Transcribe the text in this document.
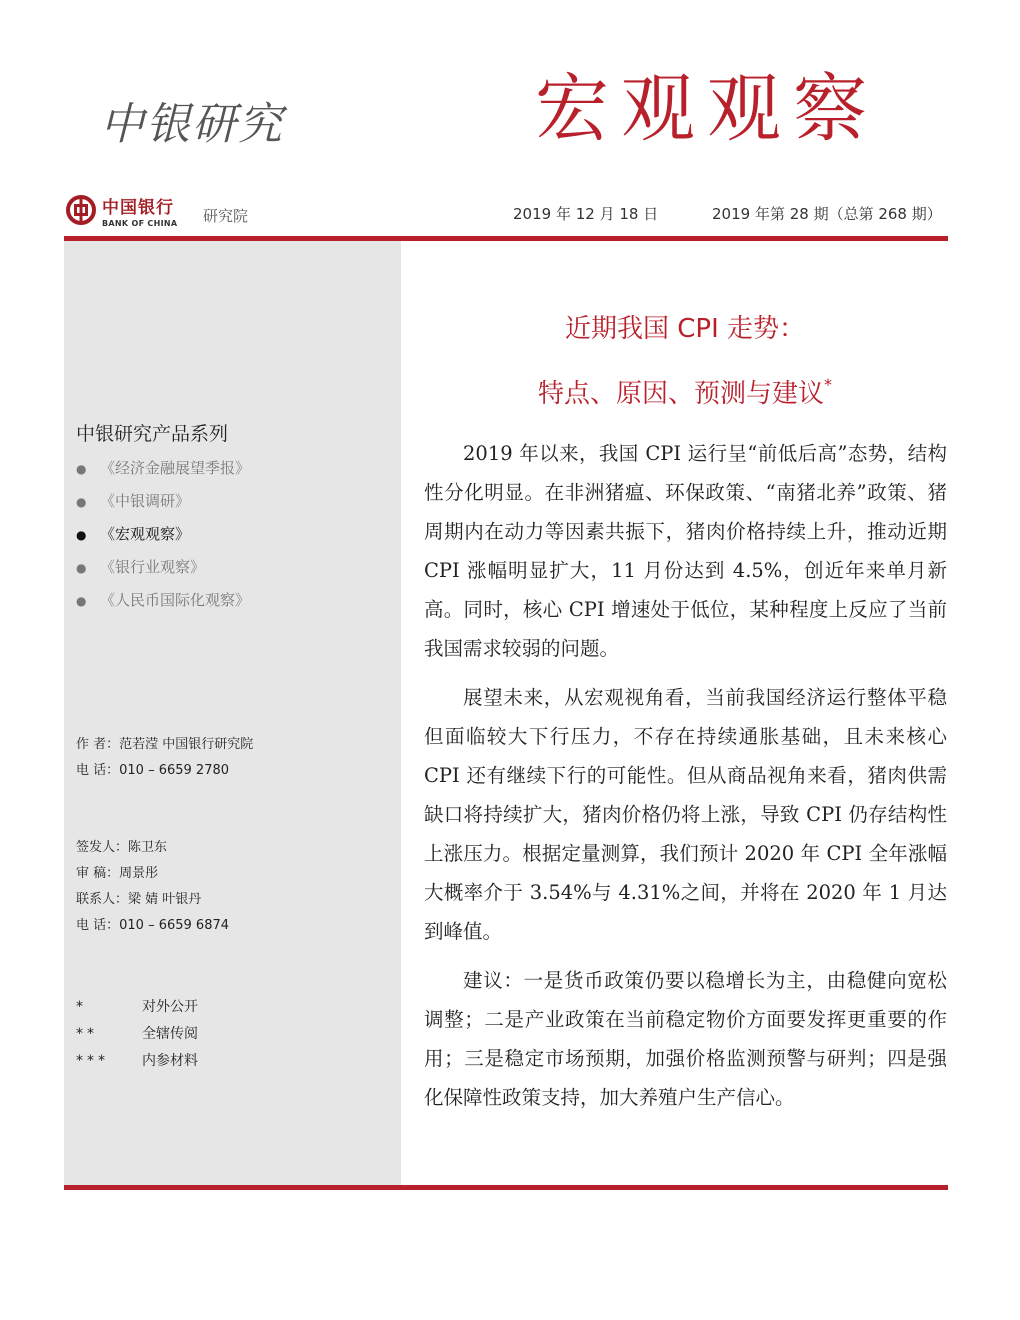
中银研究	宏观观察
中国银行
BANK OF CHINA 研究院	2019 年 12 月 18 日	2019 年第 28 期（总第 268 期）
中银研究产品系列
● 《经济金融展望季报》
● 《中银调研》
● 《宏观观察》
● 《银行业观察》
● 《人民币国际化观察》
作 者：范若滢 中国银行研究院
电 话：010 – 6659 2780
签发人：陈卫东
审 稿：周景彤
联系人：梁 婧 叶银丹
电 话：010 – 6659 6874
*	对外公开
**	全辖传阅
*** 内参材料
近期我国 CPI 走势：
特点、原因、预测与建议*

2019 年以来，我国 CPI 运行呈“前低后高”态势，结构性分化明显。在非洲猪瘟、环保政策、“南猪北养”政策、猪周期内在动力等因素共振下，猪肉价格持续上升，推动近期 CPI 涨幅明显扩大，11 月份达到 4.5%，创近年来单月新高。同时，核心 CPI 增速处于低位，某种程度上反应了当前我国需求较弱的问题。

展望未来，从宏观视角看，当前我国经济运行整体平稳但面临较大下行压力，不存在持续通胀基础，且未来核心 CPI 还有继续下行的可能性。但从商品视角来看，猪肉供需缺口将持续扩大，猪肉价格仍将上涨，导致 CPI 仍存结构性上涨压力。根据定量测算，我们预计 2020 年 CPI 全年涨幅大概率介于 3.54%与 4.31%之间，并将在 2020 年 1 月达到峰值。

建议：一是货币政策仍要以稳增长为主，由稳健向宽松调整；二是产业政策在当前稳定物价方面要发挥更重要的作用；三是稳定市场预期，加强价格监测预警与研判；四是强化保障性政策支持，加大养殖户生产信心。
